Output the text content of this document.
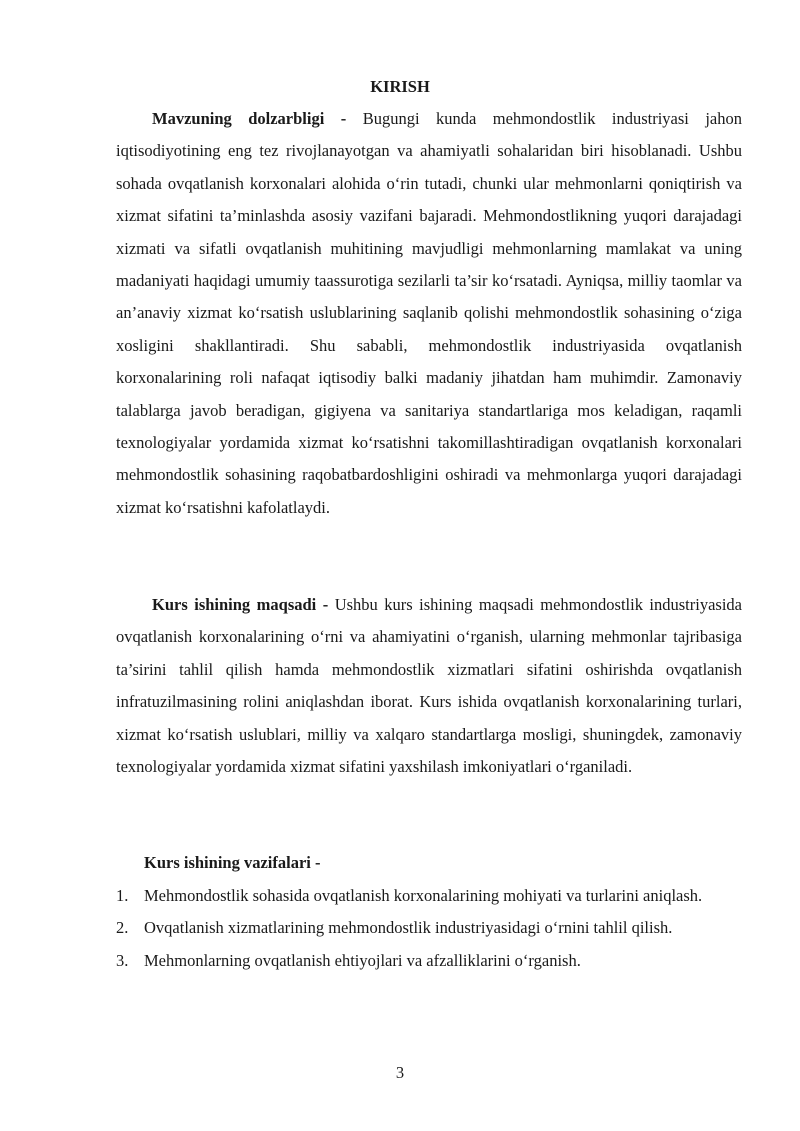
KIRISH

Mavzuning dolzarbligi - Bugungi kunda mehmondostlik industriyasi jahon iqtisodiyotining eng tez rivojlanayotgan va ahamiyatli sohalaridan biri hisoblanadi. Ushbu sohada ovqatlanish korxonalari alohida o‘rin tutadi, chunki ular mehmonlarni qoniqtirish va xizmat sifatini ta’minlashda asosiy vazifani bajaradi. Mehmondostlikning yuqori darajadagi xizmati va sifatli ovqatlanish muhitining mavjudligi mehmonlarning mamlakat va uning madaniyati haqidagi umumiy taassurotiga sezilarli ta’sir ko‘rsatadi. Ayniqsa, milliy taomlar va an’anaviy xizmat ko‘rsatish uslublarining saqlanib qolishi mehmondostlik sohasining o‘ziga xosligini shakllantiradi. Shu sababli, mehmondostlik industriyasida ovqatlanish korxonalarining roli nafaqat iqtisodiy balki madaniy jihatdan ham muhimdir. Zamonaviy talablarga javob beradigan, gigiyena va sanitariya standartlariga mos keladigan, raqamli texnologiyalar yordamida xizmat ko‘rsatishni takomillashtiradigan ovqatlanish korxonalari mehmondostlik sohasining raqobatbardoshligini oshiradi va mehmonlarga yuqori darajadagi xizmat ko‘rsatishni kafolatlaydi.

Kurs ishining maqsadi - Ushbu kurs ishining maqsadi mehmondostlik industriyasida ovqatlanish korxonalarining o‘rni va ahamiyatini o‘rganish, ularning mehmonlar tajribasiga ta’sirini tahlil qilish hamda mehmondostlik xizmatlari sifatini oshirishda ovqatlanish infratuzilmasining rolini aniqlashdan iborat. Kurs ishida ovqatlanish korxonalarining turlari, xizmat ko‘rsatish uslublari, milliy va xalqaro standartlarga mosligi, shuningdek, zamonaviy texnologiyalar yordamida xizmat sifatini yaxshilash imkoniyatlari o‘rganiladi.

Kurs ishining vazifalari -

1. Mehmondostlik sohasida ovqatlanish korxonalarining mohiyati va turlarini aniqlash.
2. Ovqatlanish xizmatlarining mehmondostlik industriyasidagi o‘rnini tahlil qilish.
3. Mehmonlarning ovqatlanish ehtiyojlari va afzalliklarini o‘rganish.
3
